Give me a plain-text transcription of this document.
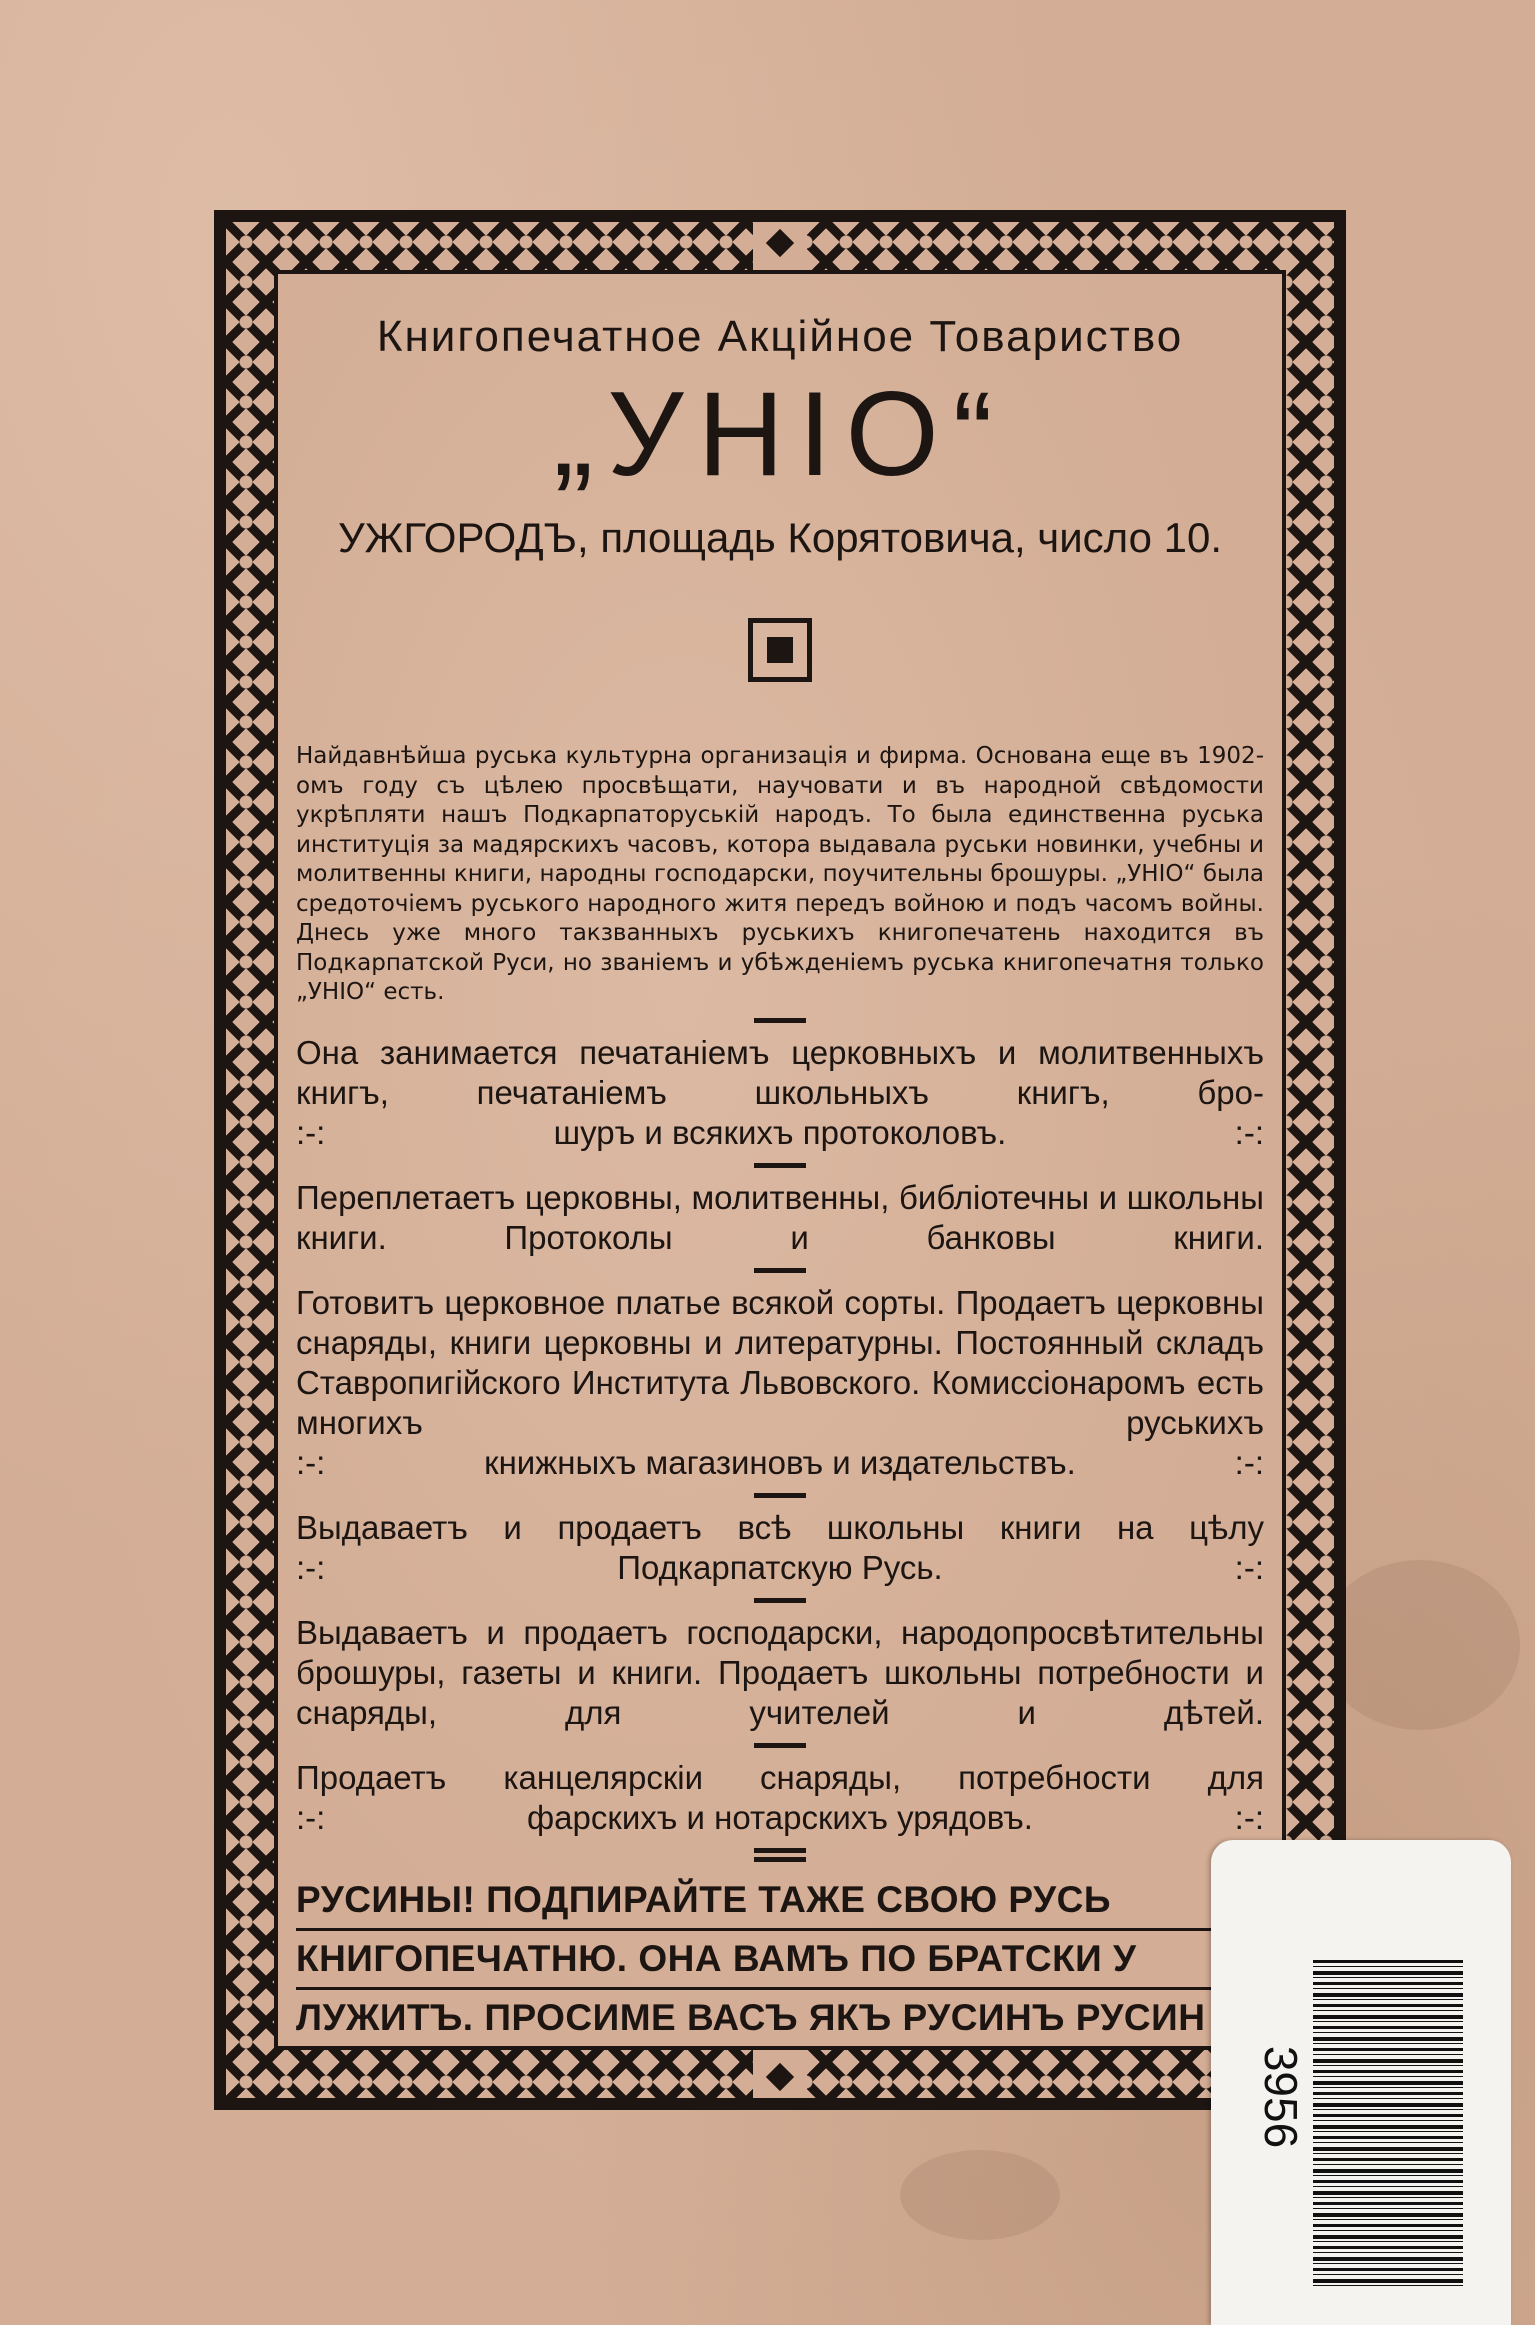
Книгопечатное Акцiйное Товариство
„УНIО“
УЖГОРОДЪ, площадь Корятовича, число 10.
Найдавнѣйша руська культурна организацiя и фирма. Основана еще въ 1902-омъ году съ цѣлею просвѣщати, научовати и въ народной свѣдомости укрѣпляти нашъ Подкарпаторуськiй народъ. То была единственна руська институцiя за мадярскихъ часовъ, котора выдавала руськи новинки, учебны и молитвенны книги, народны господарски, поучительны брошуры. „УНIО“ была средоточiемъ руського народного житя передъ войною и подъ часомъ войны. Днесь уже много такзванныхъ руськихъ книгопечатень находится въ Подкарпатской Руси, но званiемъ и убѣжденiемъ руська книгопечатня только „УНIО“ есть.
Она занимается печатанiемъ церковныхъ и молитвенныхъ книгъ, печатанiемъ школьныхъ книгъ, бро-
:-:	шуръ и всякихъ протоколовъ.	:-:
Переплетаетъ церковны, молитвенны, библiотечны и школьны книги. Протоколы и банковы книги.
Готовитъ церковное платье всякой сорты. Продаетъ церковны снаряды, книги церковны и литературны. Постоянный складъ Ставропигiйского Института Львовского. Комиссiонаромъ есть многихъ руськихъ
:-:	книжныхъ магазиновъ и издательствъ.	:-:
Выдаваетъ и продаетъ всѣ школьны книги на цѣлу
:-:	Подкарпатскую Русь.	:-:
Выдаваетъ и продаетъ господарски, народопросвѣтительны брошуры, газеты и книги. Продаетъ школьны потребности и снаряды, для учителей и дѣтей.
Продаетъ канцелярскiи снаряды, потребности для
:-:	фарскихъ и нотарскихъ урядовъ.	:-:
РУСИНЫ! ПОДПИРАЙТЕ ТАЖЕ СВОЮ РУСЬ
КНИГОПЕЧАТНЮ. ОНА ВАМЪ ПО БРАТСКИ У
ЛУЖИТЪ. ПРОСИМЕ ВАСЪ ЯКЪ РУСИНЪ РУСИН
3956
